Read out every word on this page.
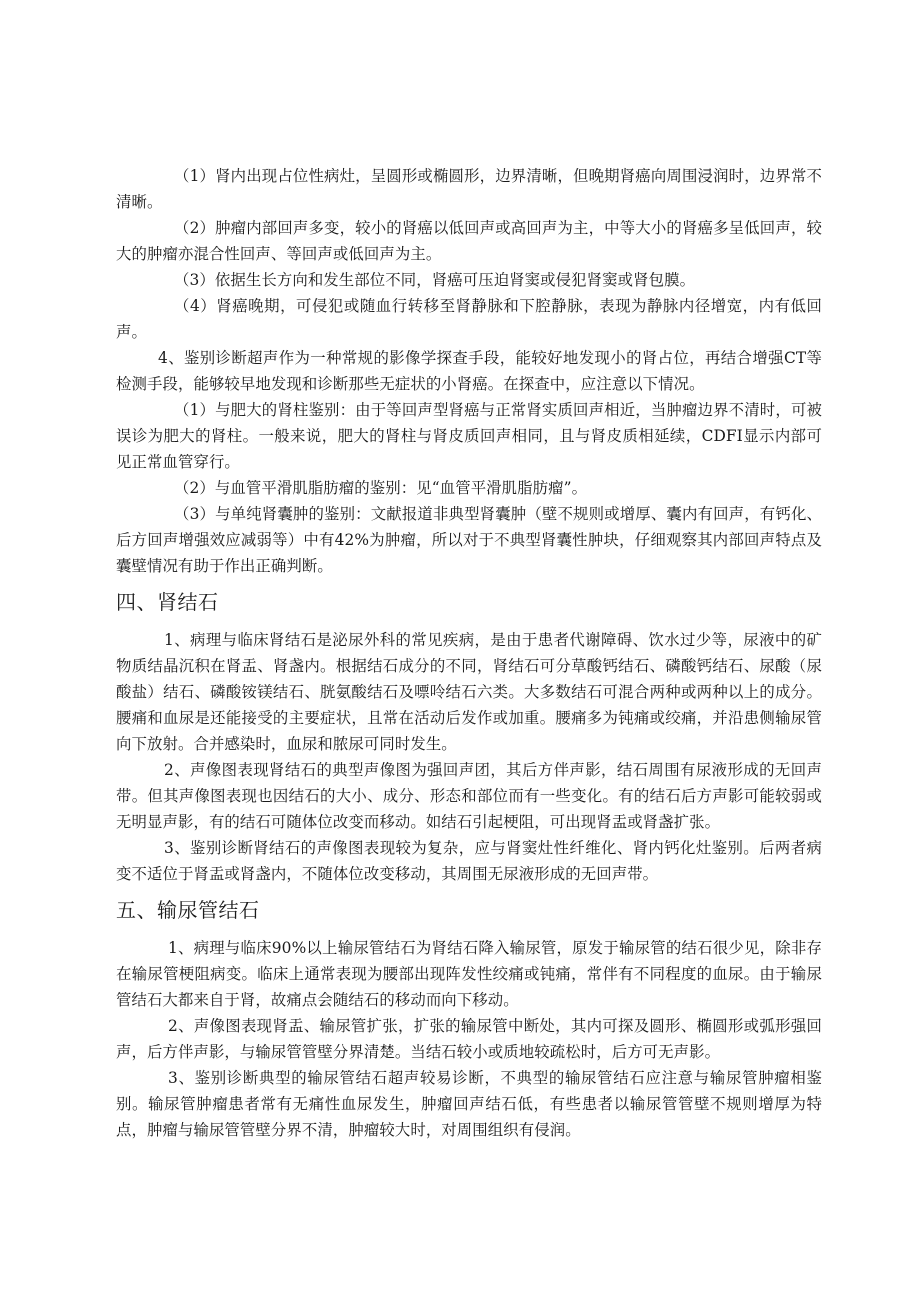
（1）肾内出现占位性病灶，呈圆形或椭圆形，边界清晰，但晚期肾癌向周围浸润时，边界常不清晰。

（2）肿瘤内部回声多变，较小的肾癌以低回声或高回声为主，中等大小的肾癌多呈低回声，较大的肿瘤亦混合性回声、等回声或低回声为主。

（3）依据生长方向和发生部位不同，肾癌可压迫肾窦或侵犯肾窦或肾包膜。

（4）肾癌晚期，可侵犯或随血行转移至肾静脉和下腔静脉，表现为静脉内径增宽，内有低回声。

4、鉴别诊断超声作为一种常规的影像学探查手段，能较好地发现小的肾占位，再结合增强CT等检测手段，能够较早地发现和诊断那些无症状的小肾癌。在探查中，应注意以下情况。

（1）与肥大的肾柱鉴别：由于等回声型肾癌与正常肾实质回声相近，当肿瘤边界不清时，可被误诊为肥大的肾柱。一般来说，肥大的肾柱与肾皮质回声相同，且与肾皮质相延续，CDFI显示内部可见正常血管穿行。

（2）与血管平滑肌脂肪瘤的鉴别：见“血管平滑肌脂肪瘤”。

（3）与单纯肾囊肿的鉴别：文献报道非典型肾囊肿（壁不规则或增厚、囊内有回声，有钙化、后方回声增强效应减弱等）中有42%为肿瘤，所以对于不典型肾囊性肿块，仔细观察其内部回声特点及囊壁情况有助于作出正确判断。

四、肾结石

1、病理与临床肾结石是泌尿外科的常见疾病，是由于患者代谢障碍、饮水过少等，尿液中的矿物质结晶沉积在肾盂、肾盏内。根据结石成分的不同，肾结石可分草酸钙结石、磷酸钙结石、尿酸（尿酸盐）结石、磷酸铵镁结石、胱氨酸结石及嘌呤结石六类。大多数结石可混合两种或两种以上的成分。腰痛和血尿是还能接受的主要症状，且常在活动后发作或加重。腰痛多为钝痛或绞痛，并沿患侧输尿管向下放射。合并感染时，血尿和脓尿可同时发生。

2、声像图表现肾结石的典型声像图为强回声团，其后方伴声影，结石周围有尿液形成的无回声带。但其声像图表现也因结石的大小、成分、形态和部位而有一些变化。有的结石后方声影可能较弱或无明显声影，有的结石可随体位改变而移动。如结石引起梗阻，可出现肾盂或肾盏扩张。

3、鉴别诊断肾结石的声像图表现较为复杂，应与肾窦灶性纤维化、肾内钙化灶鉴别。后两者病变不适位于肾盂或肾盏内，不随体位改变移动，其周围无尿液形成的无回声带。

五、输尿管结石

1、病理与临床90%以上输尿管结石为肾结石降入输尿管，原发于输尿管的结石很少见，除非存在输尿管梗阻病变。临床上通常表现为腰部出现阵发性绞痛或钝痛，常伴有不同程度的血尿。由于输尿管结石大都来自于肾，故痛点会随结石的移动而向下移动。

2、声像图表现肾盂、输尿管扩张，扩张的输尿管中断处，其内可探及圆形、椭圆形或弧形强回声，后方伴声影，与输尿管管壁分界清楚。当结石较小或质地较疏松时，后方可无声影。

3、鉴别诊断典型的输尿管结石超声较易诊断，不典型的输尿管结石应注意与输尿管肿瘤相鉴别。输尿管肿瘤患者常有无痛性血尿发生，肿瘤回声结石低，有些患者以输尿管管壁不规则增厚为特点，肿瘤与输尿管管壁分界不清，肿瘤较大时，对周围组织有侵润。
